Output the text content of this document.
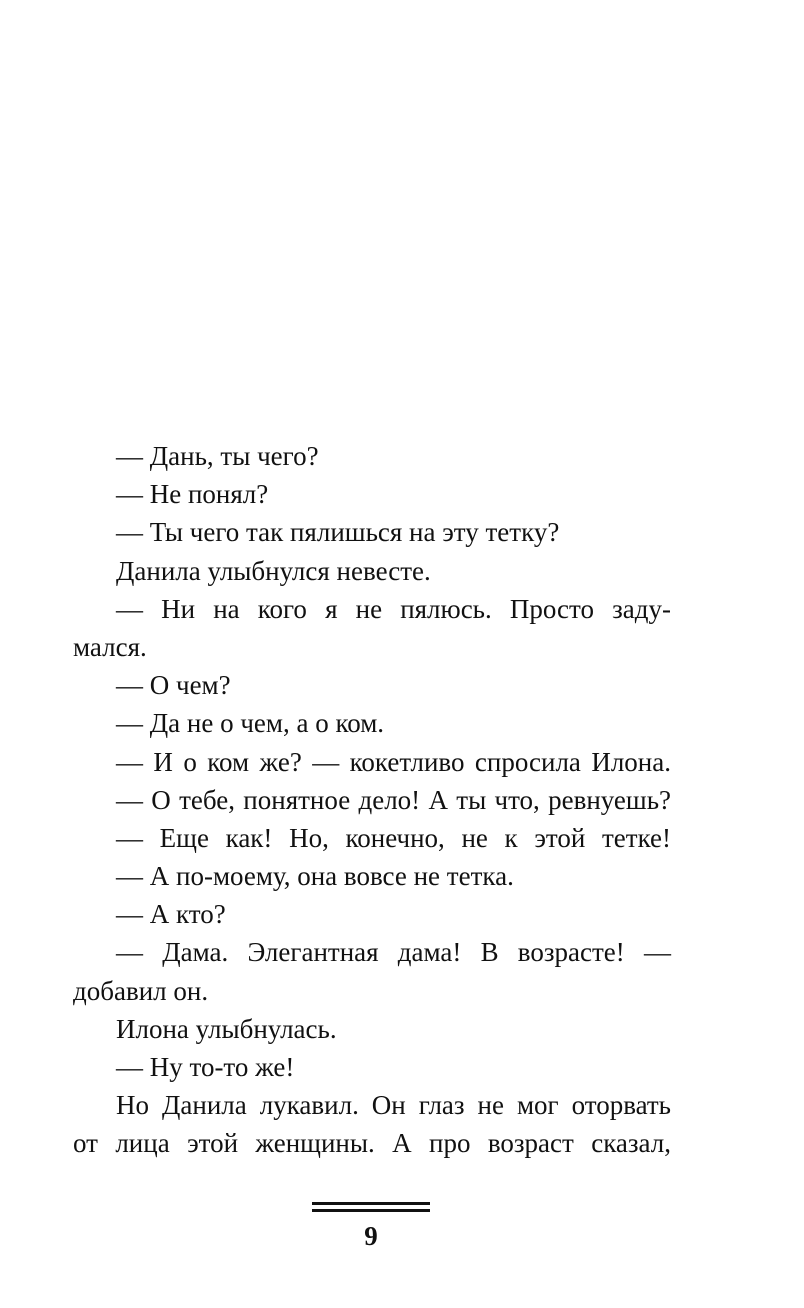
— Дань, ты чего?
— Не понял?
— Ты чего так пялишься на эту тетку?
Данила улыбнулся невесте.
— Ни на кого я не пялюсь. Просто заду-
мался.
— О чем?
— Да не о чем, а о ком.
— И о ком же? — кокетливо спросила Илона.
— О тебе, понятное дело! А ты что, ревнуешь?
— Еще как! Но, конечно, не к этой тетке!
— А по-моему, она вовсе не тетка.
— А кто?
— Дама. Элегантная дама! В возрасте! —
добавил он.
Илона улыбнулась.
— Ну то-то же!
Но Данила лукавил. Он глаз не мог оторвать
от лица этой женщины. А про возраст сказал,
9
